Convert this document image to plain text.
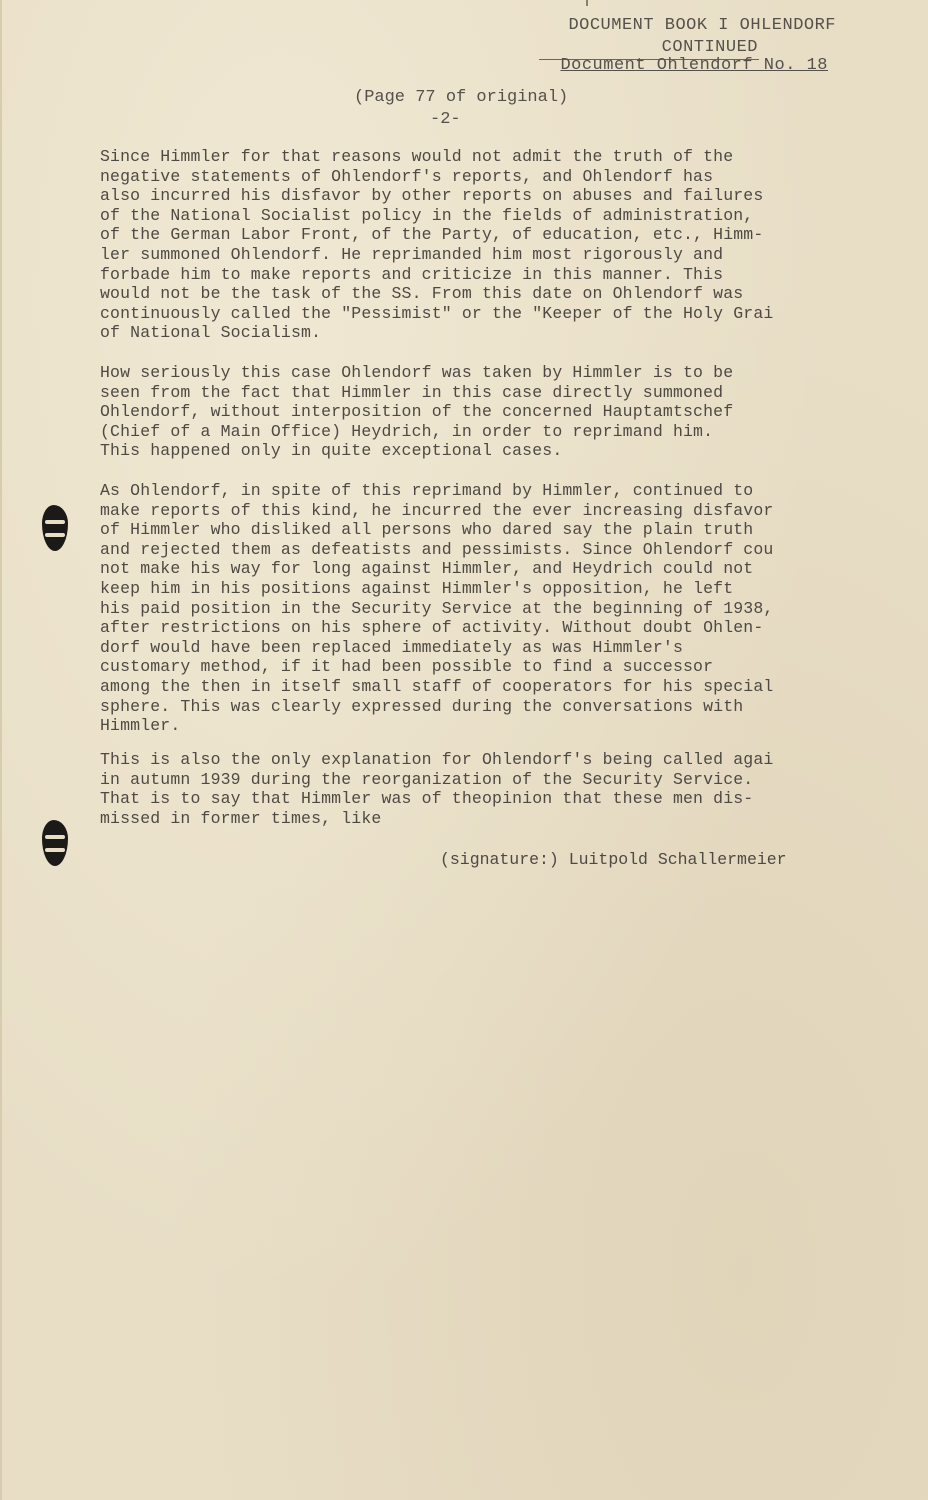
DOCUMENT BOOK I OHLENDORF
CONTINUED
Document Ohlendorf No. 18
(Page 77 of original)
-2-
Since Himmler for that reasons would not admit the truth of the
negative statements of Ohlendorf's reports, and Ohlendorf has
also incurred his disfavor by other reports on abuses and failures
of the National Socialist policy in the fields of administration,
of the German Labor Front, of the Party, of education, etc., Himm-
ler summoned Ohlendorf. He reprimanded him most rigorously and
forbade him to make reports and criticize in this manner. This
would not be the task of the SS. From this date on Ohlendorf was
continuously called the "Pessimist" or the "Keeper of the Holy Grai
of National Socialism.
How seriously this case Ohlendorf was taken by Himmler is to be
seen from the fact that Himmler in this case directly summoned
Ohlendorf, without interposition of the concerned Hauptamtschef
(Chief of a Main Office) Heydrich, in order to reprimand him.
This happened only in quite exceptional cases.
As Ohlendorf, in spite of this reprimand by Himmler, continued to
make reports of this kind, he incurred the ever increasing disfavor
of Himmler who disliked all persons who dared say the plain truth
and rejected them as defeatists and pessimists. Since Ohlendorf cou
not make his way for long against Himmler, and Heydrich could not
keep him in his positions against Himmler's opposition, he left
his paid position in the Security Service at the beginning of 1938,
after restrictions on his sphere of activity. Without doubt Ohlen-
dorf would have been replaced immediately as was Himmler's
customary method, if it had been possible to find a successor
among the then in itself small staff of cooperators for his special
sphere. This was clearly expressed during the conversations with
Himmler.
This is also the only explanation for Ohlendorf's being called agai
in autumn 1939 during the reorganization of the Security Service.
That is to say that Himmler was of theopinion that these men dis-
missed in former times, like
(signature:) Luitpold Schallermeier
